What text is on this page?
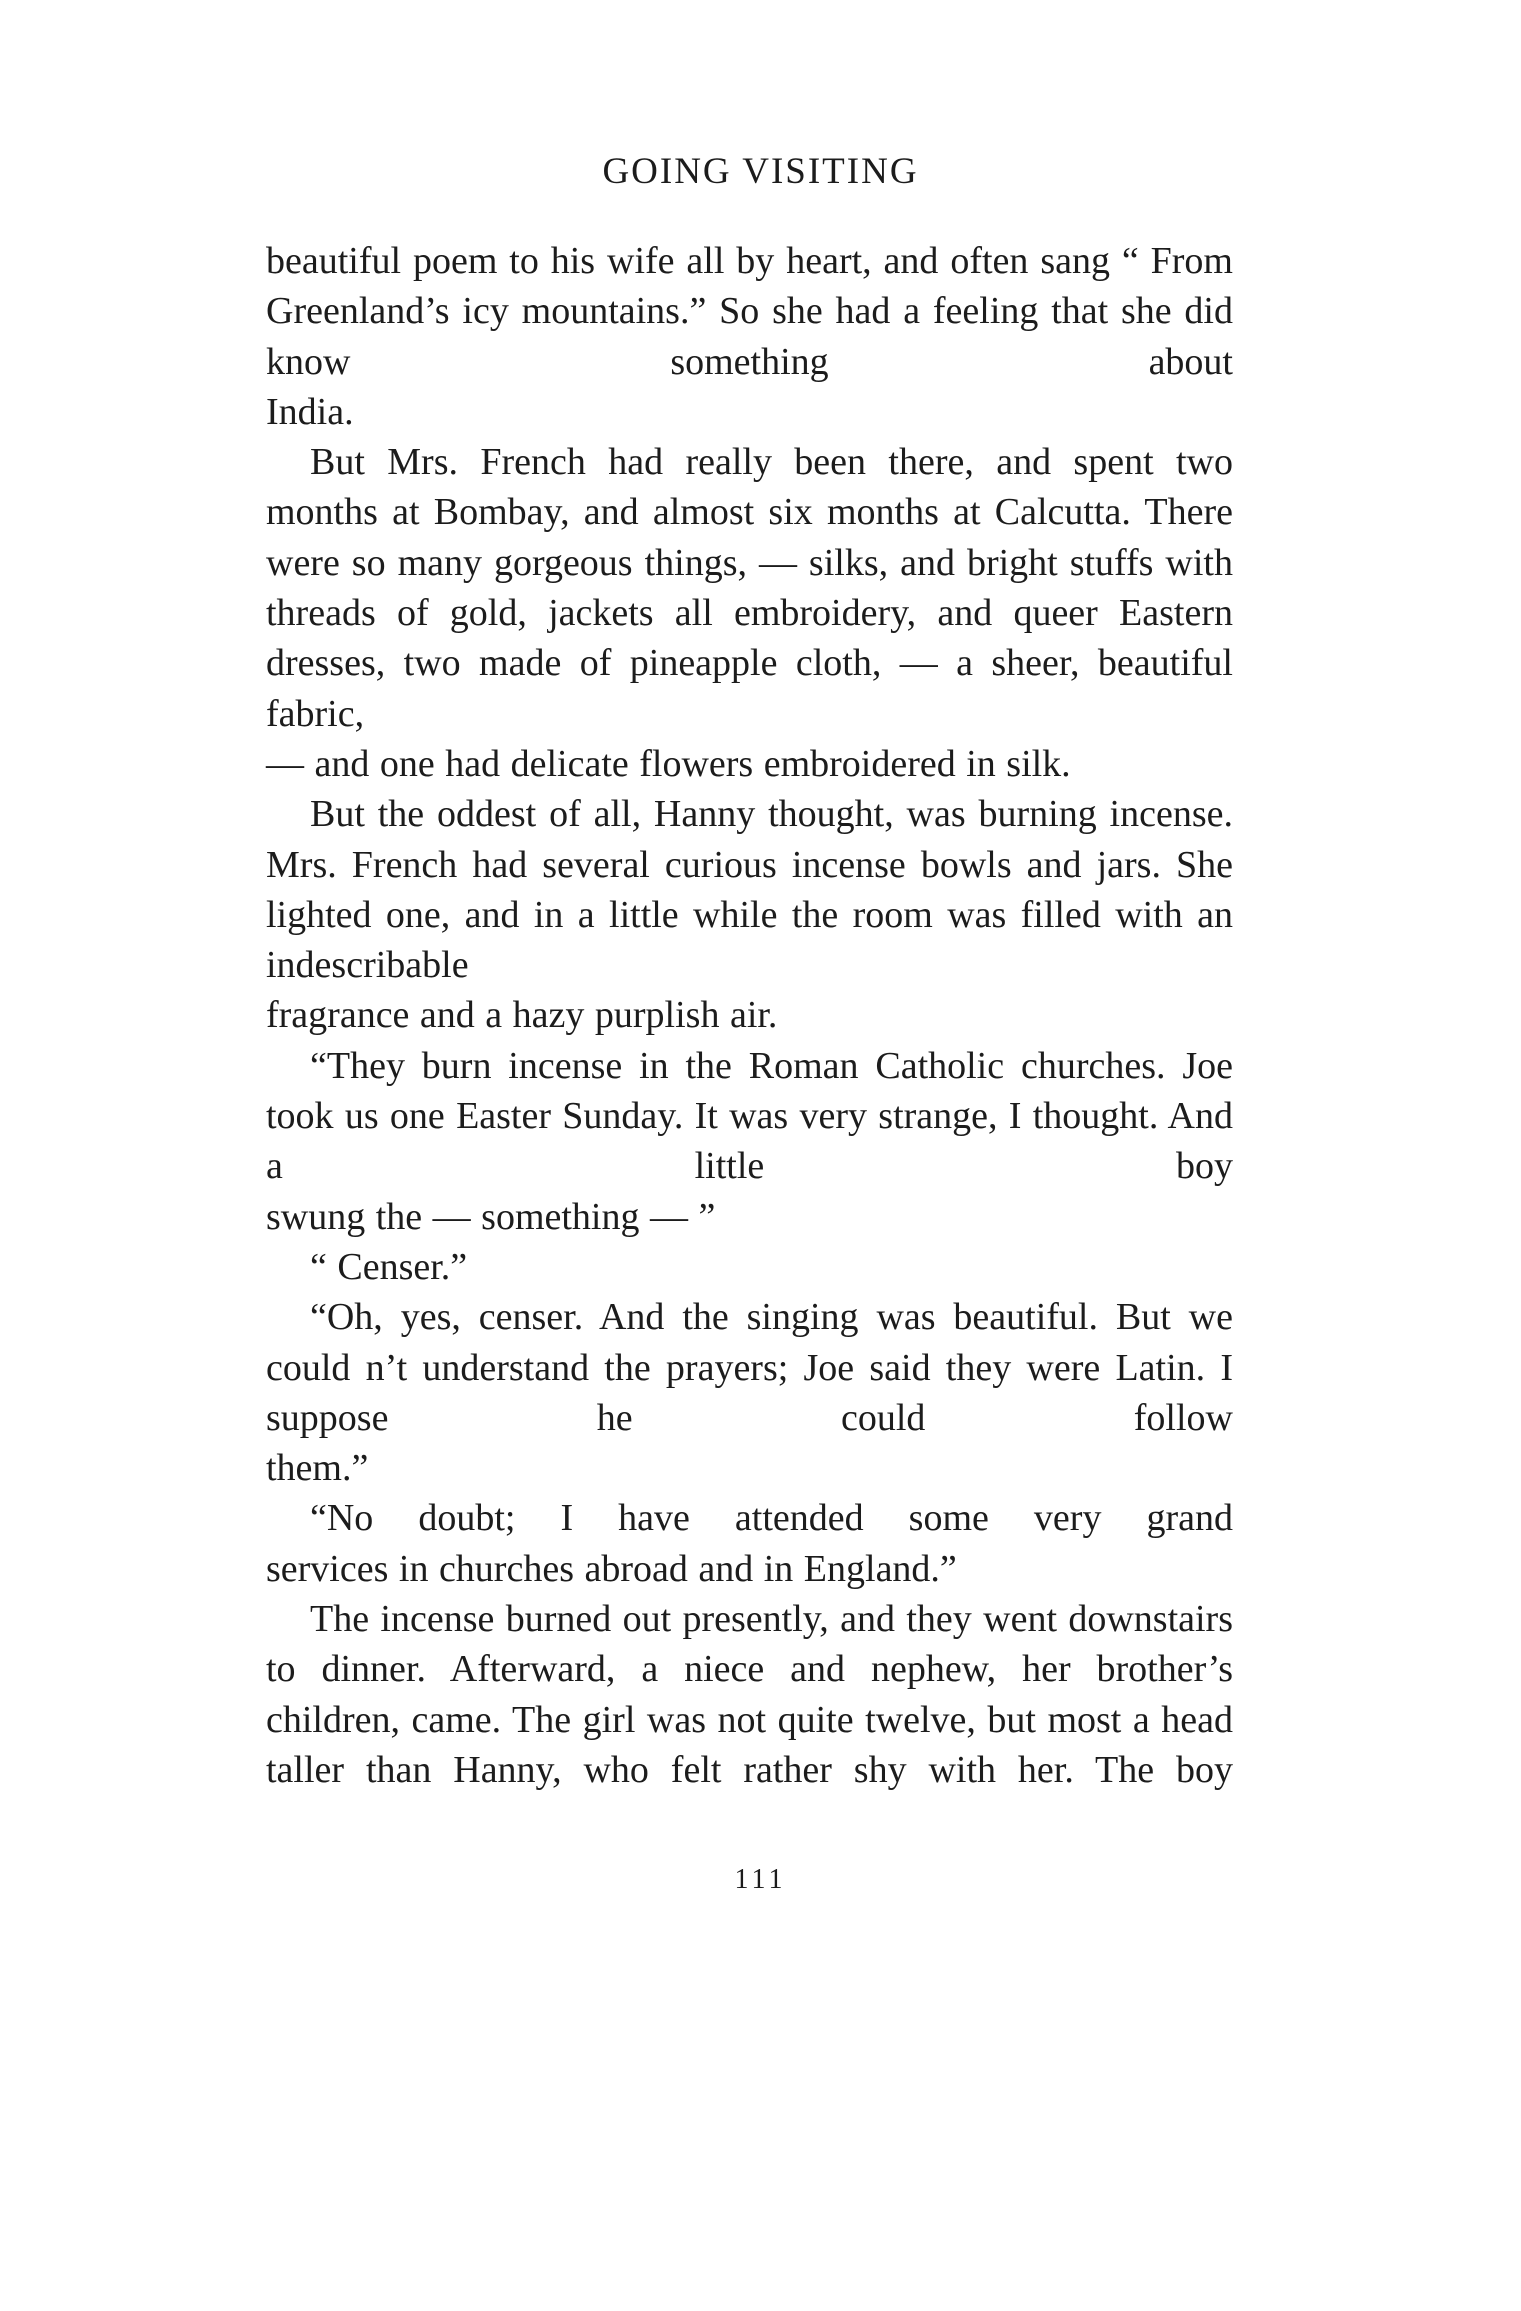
GOING VISITING

beautiful poem to his wife all by heart, and often sang “ From Greenland’s icy mountains.” So she had a feeling that she did know something about
India.

But Mrs. French had really been there, and spent two months at Bombay, and almost six months at Calcutta. There were so many gorgeous things, — silks, and bright stuffs with threads of gold, jackets all embroidery, and queer Eastern dresses, two made of pineapple cloth, — a sheer, beautiful fabric,
— and one had delicate flowers embroidered in silk.

But the oddest of all, Hanny thought, was burning incense. Mrs. French had several curious incense bowls and jars. She lighted one, and in a little while the room was filled with an indescribable
fragrance and a hazy purplish air.

“They burn incense in the Roman Catholic churches. Joe took us one Easter Sunday. It was very strange, I thought. And a little boy
swung the — something — ”

“ Censer.”

“Oh, yes, censer. And the singing was beautiful. But we could n’t understand the prayers; Joe said they were Latin. I suppose he could follow
them.”

“No doubt; I have attended some very grand
services in churches abroad and in England.”

The incense burned out presently, and they went downstairs to dinner. Afterward, a niece and nephew, her brother’s children, came. The girl was not quite twelve, but most a head taller than Hanny, who felt rather shy with her. The boy

111
